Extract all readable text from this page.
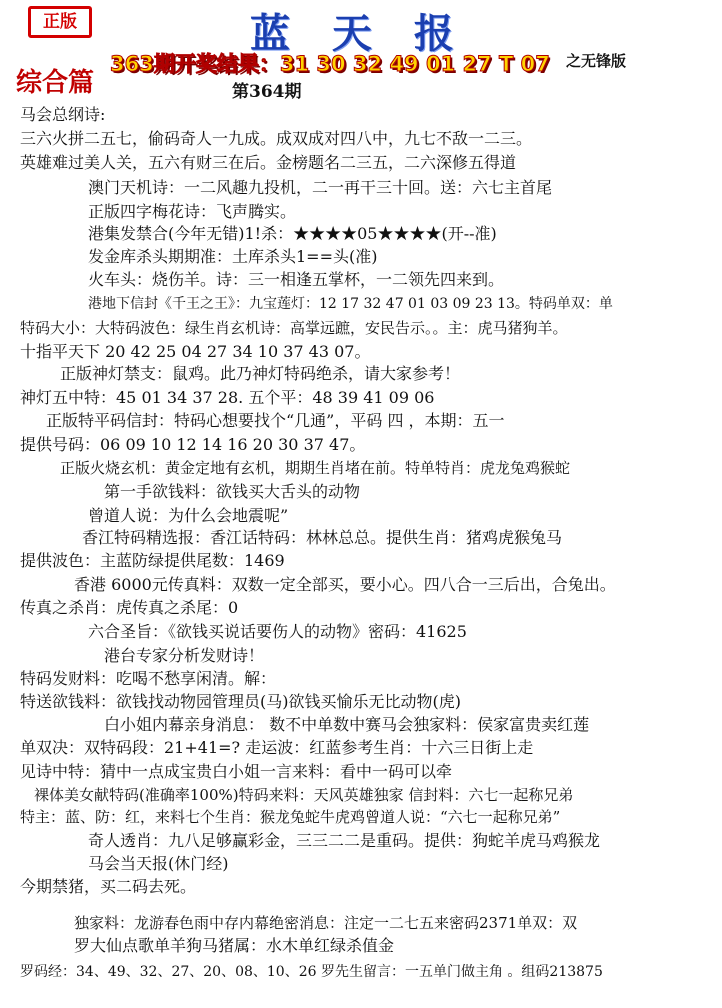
正版	蓝 天 报
363期开奖结果：31 30 32 49 01 27 T 07 之无锋版
综合篇	第364期
马会总纲诗:
三六火拼二五七，偷码奇人一九成。成双成对四八中，九七不敌一二三。
英雄难过美人关，五六有财三在后。金榜题名二三五，二六深修五得道
澳门天机诗：一二风趣九投机，二一再干三十回。送：六七主首尾
正版四字梅花诗：飞声腾实。
港集发禁合(今年无错)1!杀：★★★★05★★★★(开--准)
发金库杀头期期准：土库杀头1==头(准)
火车头：烧伤羊。诗：三一相逢五掌杯，一二领先四来到。
港地下信封《千王之王》：九宝莲灯：12 17 32 47 01 03 09 23 13。特码单双：单
特码大小：大特码波色：绿生肖玄机诗：高掌远蹠，安民告示。。主：虎马猪狗羊。
十指平天下 20 42 25 04 27 34 10 37 43 07。
正版神灯禁支：鼠鸡。此乃神灯特码绝杀，请大家参考！
神灯五中特：45 01 34 37 28. 五个平：48 39 41 09 06
正版特平码信封：特码心想要找个“几通”，平码 四 ，本期：五一
提供号码：06 09 10 12 14 16 20 30 37 47。
正版火烧玄机：黄金定地有玄机，期期生肖堵在前。特单特肖：虎龙兔鸡猴蛇
第一手欲钱料：欲钱买大舌头的动物
曾道人说：为什么会地震呢”
香江特码精选报：香江话特码：林林总总。提供生肖：猪鸡虎猴兔马
提供波色：主蓝防绿提供尾数：1469
香港 6000元传真料：双数一定全部买，要小心。四八合一三后出，合兔出。
传真之杀肖：虎传真之杀尾：0
六合圣旨：《欲钱买说话要伤人的动物》密码：41625
港台专家分析发财诗！
特码发财料：吃喝不愁享闲清。解：
特送欲钱料：欲钱找动物园管理员(马)欲钱买愉乐无比动物(虎)
白小姐内幕亲身消息： 数不中单数中赛马会独家料：侯家富贵卖红莲
单双决：双特码段：21+41=? 走运波：红蓝参考生肖：十六三日街上走
见诗中特：猜中一点成宝贵白小姐一言来料：看中一码可以牵
裸体美女献特码(准确率100%)特码来料：天风英雄独家 信封料：六七一起称兄弟
特主：蓝、防：红，来料七个生肖：猴龙兔蛇牛虎鸡曾道人说：“六七一起称兄弟”
奇人透肖：九八足够赢彩金，三三二二是重码。提供：狗蛇羊虎马鸡猴龙
马会当天报(休门经)
今期禁猪，买二码去死。
独家料：龙游春色雨中存内幕绝密消息：注定一二七五来密码2371单双：双
罗大仙点歌单羊狗马猪属：水木单红绿杀值金
罗码经：34、49、32、27、20、08、10、26 罗先生留言：一五单门做主角 。组码213875
